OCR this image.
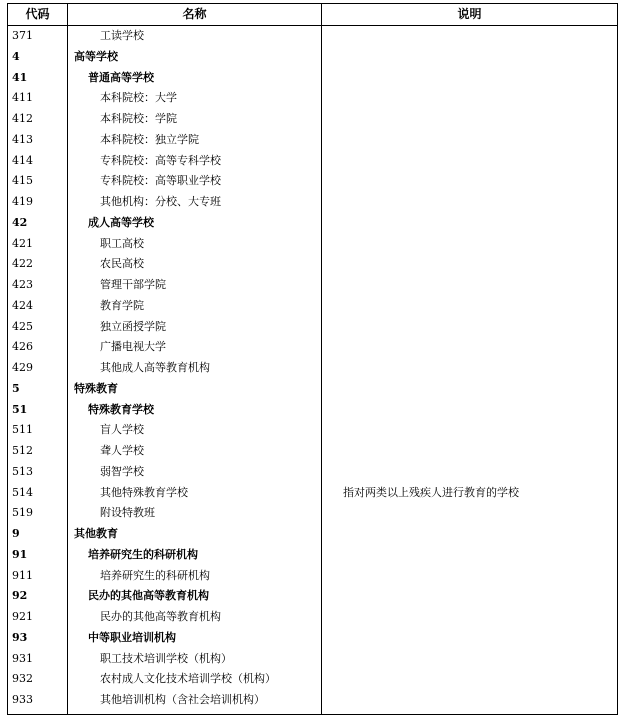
代码	名称	说明
371	工读学校
4	高等学校
41	普通高等学校
411	本科院校：大学
412	本科院校：学院
413	本科院校：独立学院
414	专科院校：高等专科学校
415	专科院校：高等职业学校
419	其他机构：分校、大专班
42	成人高等学校
421	职工高校
422	农民高校
423	管理干部学院
424	教育学院
425	独立函授学院
426	广播电视大学
429	其他成人高等教育机构
5	特殊教育
51	特殊教育学校
511	盲人学校
512	聋人学校
513	弱智学校
514	其他特殊教育学校	指对两类以上残疾人进行教育的学校
519	附设特教班
9	其他教育
91	培养研究生的科研机构
911	培养研究生的科研机构
92	民办的其他高等教育机构
921	民办的其他高等教育机构
93	中等职业培训机构
931	职工技术培训学校（机构）
932	农村成人文化技术培训学校（机构）
933	其他培训机构（含社会培训机构）
